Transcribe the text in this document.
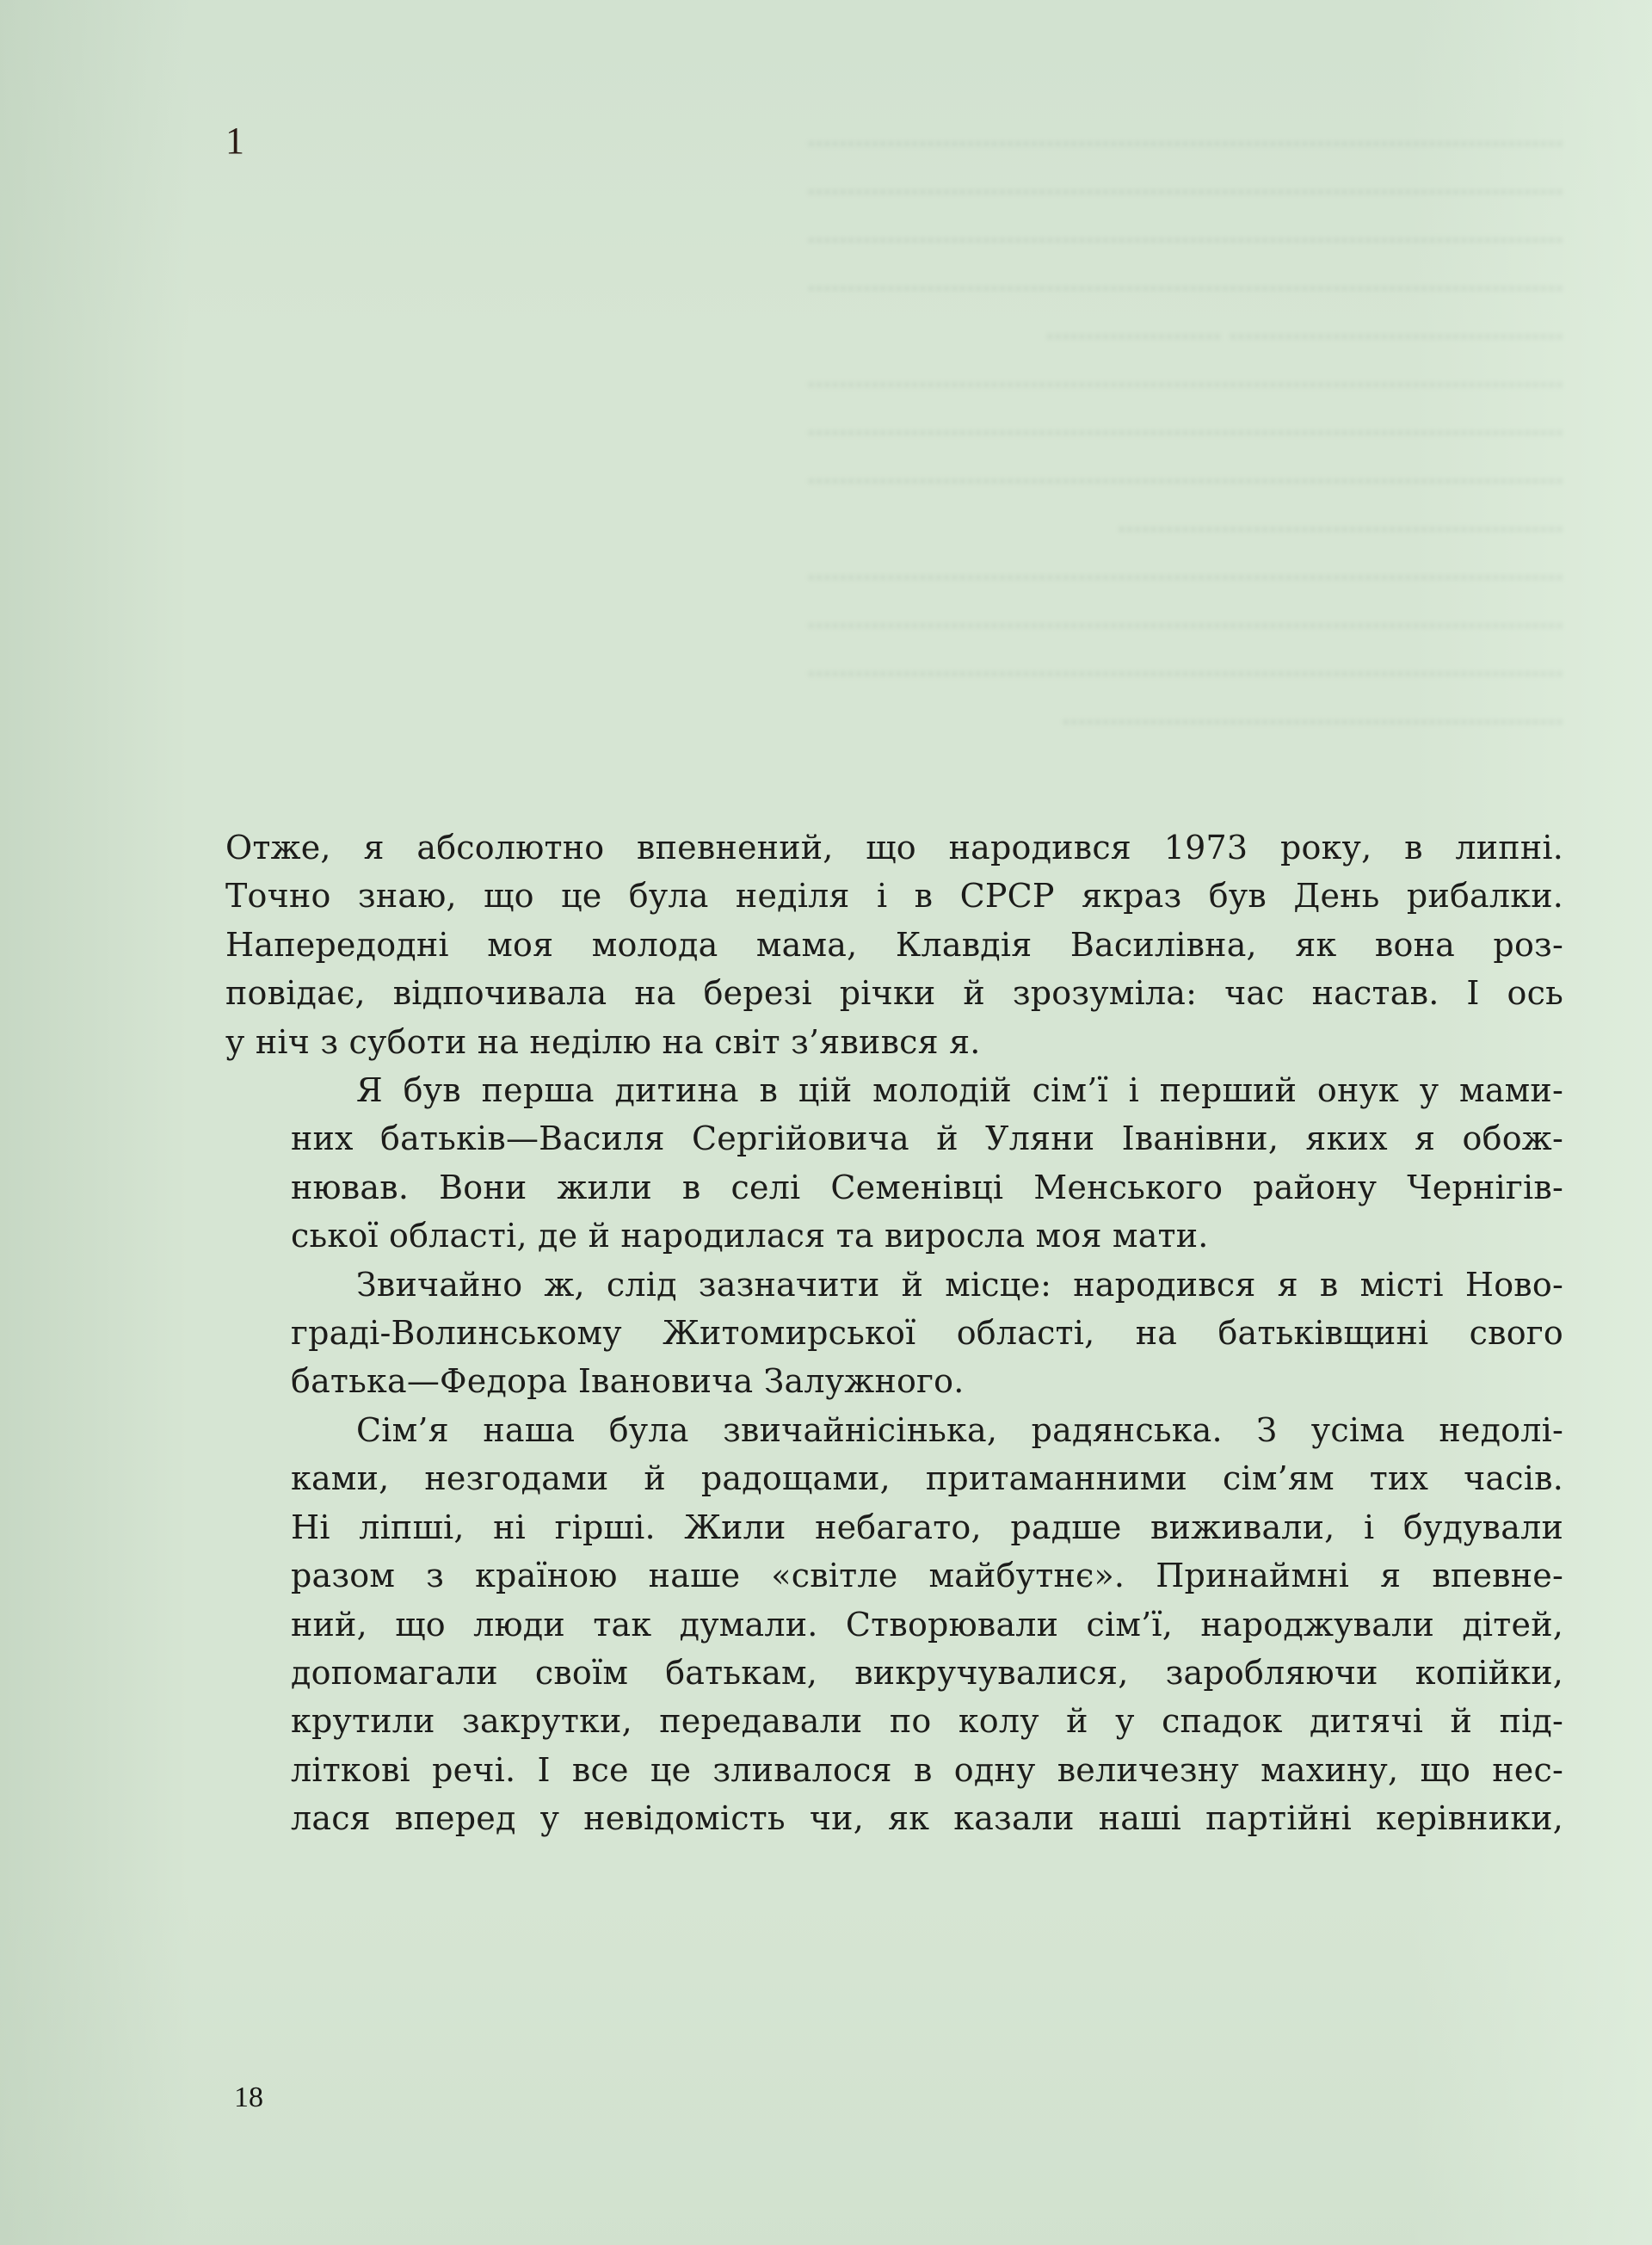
...............................................................................................

...............................................................................................

...............................................................................................

...............................................................................................

.......................................... ......................

...............................................................................................

...............................................................................................

...............................................................................................

........................................................

...............................................................................................

...............................................................................................

...............................................................................................

...............................................................

1

Отже, я абсолютно впевнений, що народився 1973 року, в липні.
Точно знаю, що це була неділя і в СРСР якраз був День рибалки.
Напередодні моя молода мама, Клавдія Василівна, як вона роз-
повідає, відпочивала на березі річки й зрозуміла: час настав. І ось
у ніч з суботи на неділю на світ з’явився я.

Я був перша дитина в цій молодій сім’ї і перший онук у мами-
них батьків—Василя Сергійовича й Уляни Іванівни, яких я обож-
нював. Вони жили в селі Семенівці Менського району Чернігів-
ської області, де й народилася та виросла моя мати.

Звичайно ж, слід зазначити й місце: народився я в місті Ново-
граді-Волинському Житомирської області, на батьківщині свого
батька—Федора Івановича Залужного.

Сім’я наша була звичайнісінька, радянська. З усіма недолі-
ками, незгодами й радощами, притаманними сім’ям тих часів.
Ні ліпші, ні гірші. Жили небагато, радше виживали, і будували
разом з країною наше «світле майбутнє». Принаймні я впевне-
ний, що люди так думали. Створювали сім’ї, народжували дітей,
допомагали своїм батькам, викручувалися, заробляючи копійки,
крутили закрутки, передавали по колу й у спадок дитячі й під-
літкові речі. І все це зливалося в одну величезну махину, що нес-
лася вперед у невідомість чи, як казали наші партійні керівники,

18
